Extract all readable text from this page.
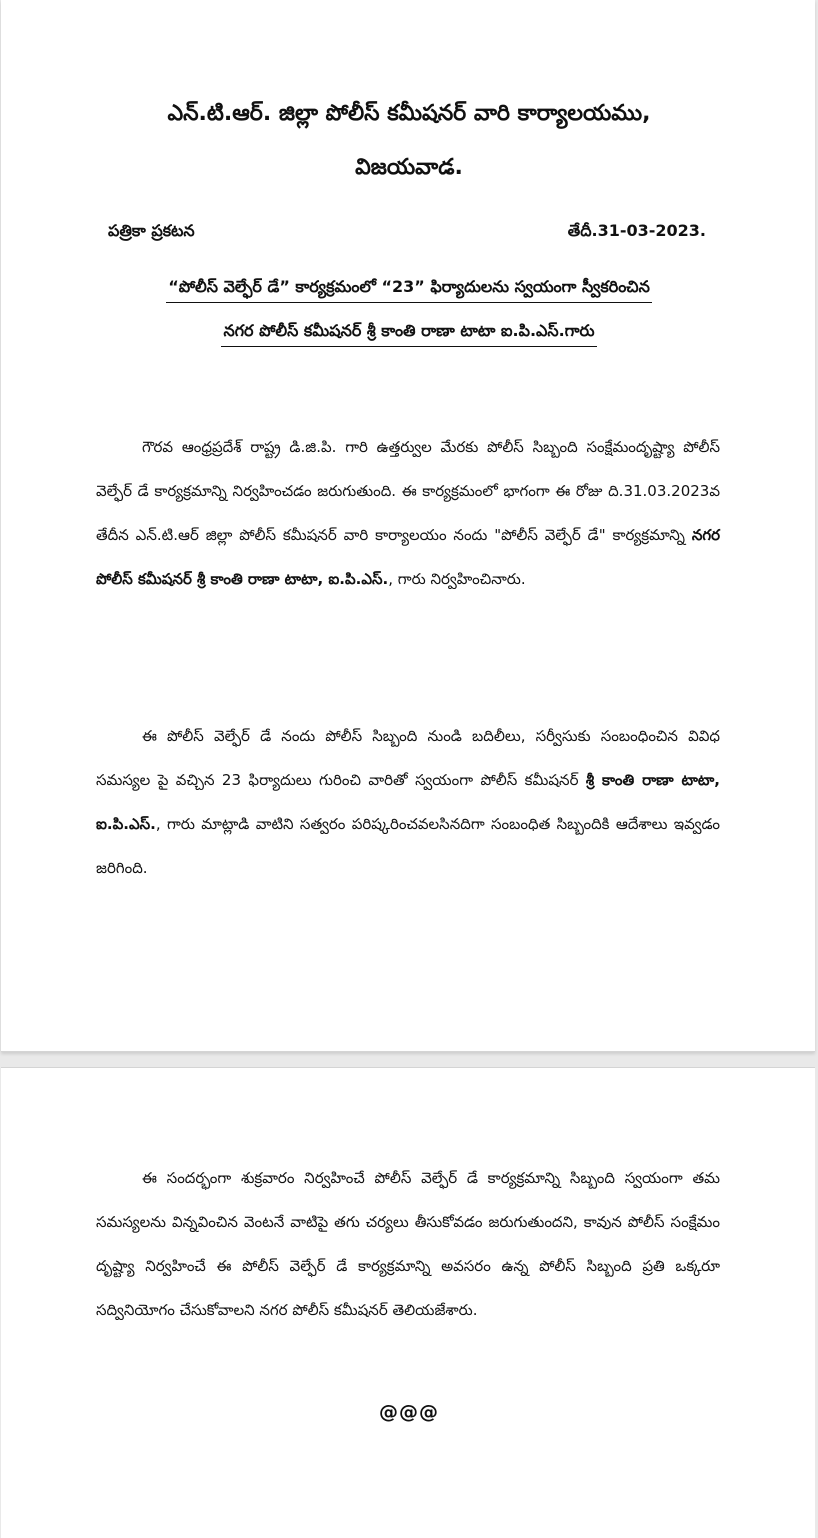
ఎన్.టి.ఆర్. జిల్లా పోలీస్ కమీషనర్ వారి కార్యాలయము,
విజయవాడ.
పత్రికా ప్రకటన	తేదీ.31-03-2023.
“పోలీస్ వెల్ఫేర్ డే” కార్యక్రమంలో “23” ఫిర్యాదులను స్వయంగా స్వీకరించిన
నగర పోలీస్ కమీషనర్ శ్రీ కాంతి రాణా టాటా ఐ.పి.ఎస్.గారు

గౌరవ ఆంధ్రప్రదేశ్ రాష్ట్ర డి.జి.పి. గారి ఉత్తర్వుల మేరకు పోలీస్ సిబ్బంది సంక్షేమందృష్ట్యా పోలీస్ వెల్ఫేర్ డే కార్యక్రమాన్ని నిర్వహించడం జరుగుతుంది. ఈ కార్యక్రమంలో భాగంగా ఈ రోజు ది.31.03.2023వ తేదీన ఎన్.టి.ఆర్ జిల్లా పోలీస్ కమీషనర్ వారి కార్యాలయం నందు "పోలీస్ వెల్ఫేర్ డే" కార్యక్రమాన్ని నగర పోలీస్ కమీషనర్ శ్రీ కాంతి రాణా టాటా, ఐ.పి.ఎస్., గారు నిర్వహించినారు.

ఈ పోలీస్ వెల్ఫేర్ డే నందు పోలీస్ సిబ్బంది నుండి బదిలీలు, సర్వీసుకు సంబంధించిన వివిధ సమస్యల పై వచ్చిన 23 ఫిర్యాదులు గురించి వారితో స్వయంగా పోలీస్ కమీషనర్ శ్రీ కాంతి రాణా టాటా, ఐ.పి.ఎస్., గారు మాట్లాడి వాటిని సత్వరం పరిష్కరించవలసినదిగా సంబంధిత సిబ్బందికి ఆదేశాలు ఇవ్వడం జరిగింది.

ఈ సందర్భంగా శుక్రవారం నిర్వహించే పోలీస్ వెల్ఫేర్ డే కార్యక్రమాన్ని సిబ్బంది స్వయంగా తమ సమస్యలను విన్నవించిన వెంటనే వాటిపై తగు చర్యలు తీసుకోవడం జరుగుతుందని, కావున పోలీస్ సంక్షేమం దృష్ట్యా నిర్వహించే ఈ పోలీస్ వెల్ఫేర్ డే కార్యక్రమాన్ని అవసరం ఉన్న పోలీస్ సిబ్బంది ప్రతి ఒక్కరూ సద్వినియోగం చేసుకోవాలని నగర పోలీస్ కమీషనర్ తెలియజేశారు.

@@@
